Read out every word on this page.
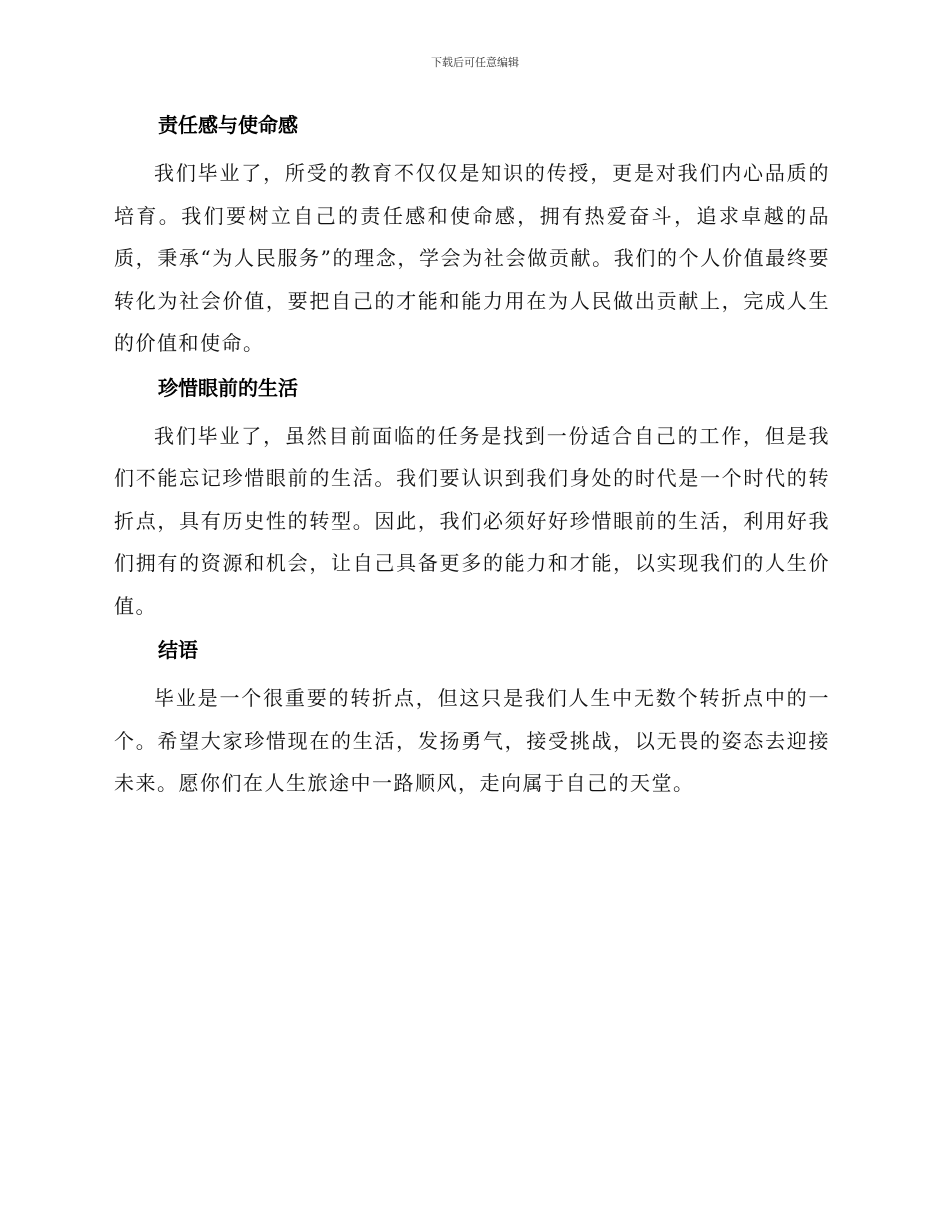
下载后可任意编辑
责任感与使命感

我们毕业了，所受的教育不仅仅是知识的传授，更是对我们内心品质的培育。我们要树立自己的责任感和使命感，拥有热爱奋斗，追求卓越的品质，秉承“为人民服务”的理念，学会为社会做贡献。我们的个人价值最终要转化为社会价值，要把自己的才能和能力用在为人民做出贡献上，完成人生的价值和使命。

珍惜眼前的生活

我们毕业了，虽然目前面临的任务是找到一份适合自己的工作，但是我们不能忘记珍惜眼前的生活。我们要认识到我们身处的时代是一个时代的转折点，具有历史性的转型。因此，我们必须好好珍惜眼前的生活，利用好我们拥有的资源和机会，让自己具备更多的能力和才能，以实现我们的人生价值。

结语

毕业是一个很重要的转折点，但这只是我们人生中无数个转折点中的一个。希望大家珍惜现在的生活，发扬勇气，接受挑战，以无畏的姿态去迎接未来。愿你们在人生旅途中一路顺风，走向属于自己的天堂。
